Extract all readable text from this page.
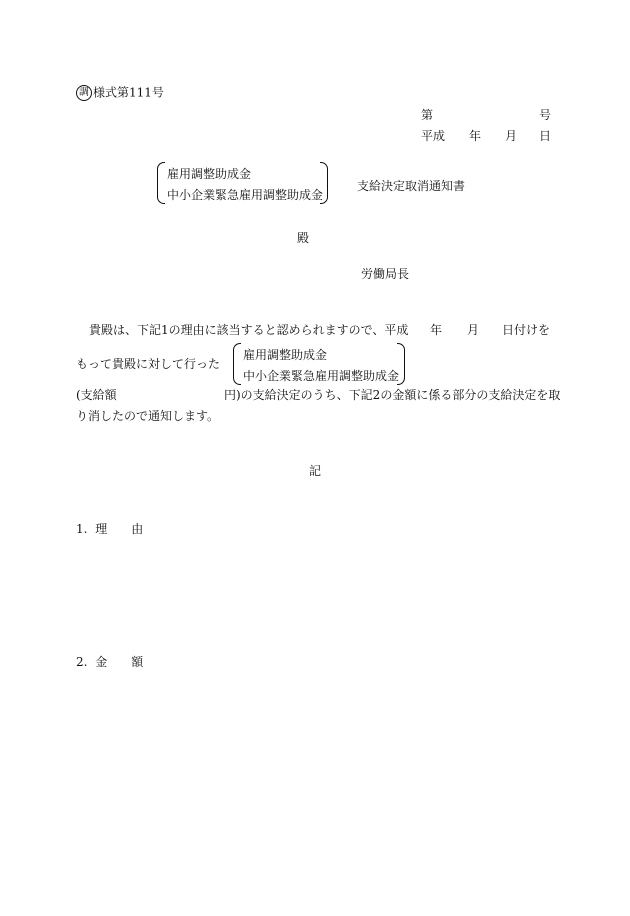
調 様式第111号
第	号
平成 年 月 日
雇用調整助成金
中小企業緊急雇用調整助成金
支給決定取消通知書
殿
労働局長
貴殿は、下記1の理由に該当すると認められますので、平成 年 月 日付けを
もって貴殿に対して行った
雇用調整助成金
中小企業緊急雇用調整助成金
(支給額	円)の支給決定のうち、下記2の金額に係る部分の支給決定を取
り消したので通知します。
記
1. 理　　由
2. 金　　額
